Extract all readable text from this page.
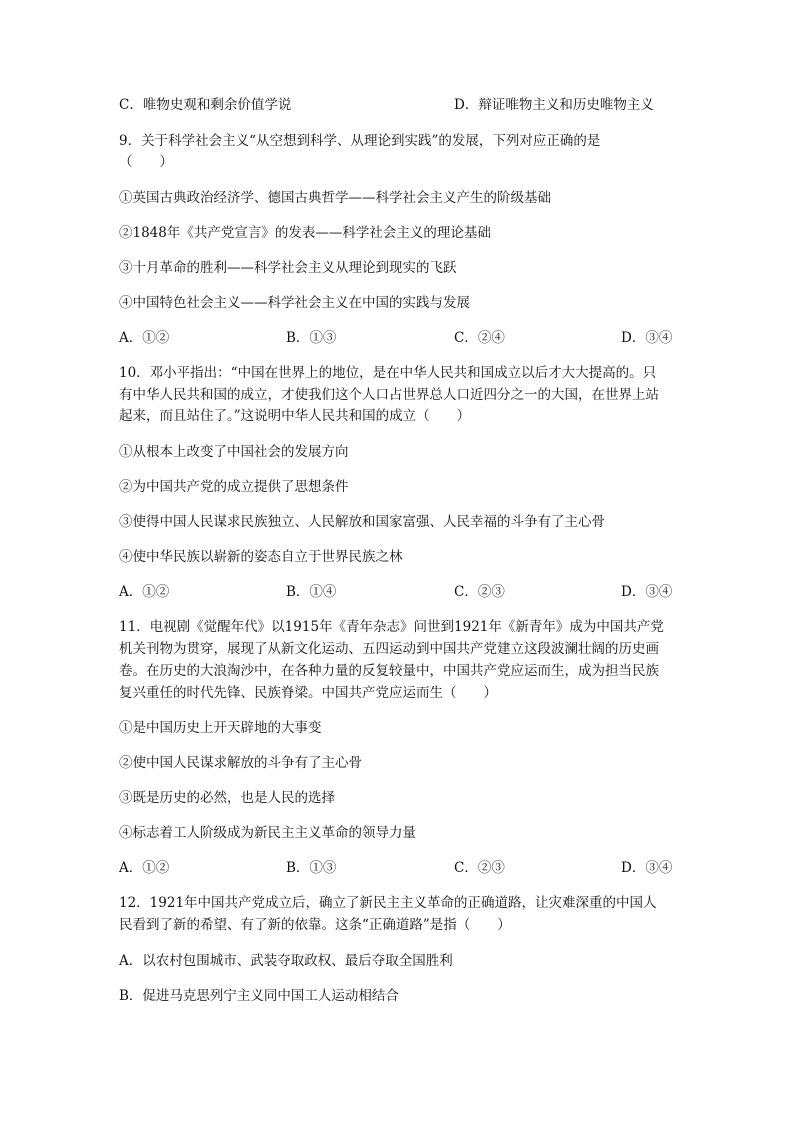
C．唯物史观和剩余价值学说	D．辩证唯物主义和历史唯物主义
9．关于科学社会主义“从空想到科学、从理论到实践”的发展，下列对应正确的是
（　　）
①英国古典政治经济学、德国古典哲学——科学社会主义产生的阶级基础
②1848年《共产党宣言》的发表——科学社会主义的理论基础
③十月革命的胜利——科学社会主义从理论到现实的飞跃
④中国特色社会主义——科学社会主义在中国的实践与发展
A．①②	B．①③	C．②④	D．③④
10．邓小平指出：“中国在世界上的地位，是在中华人民共和国成立以后才大大提高的。只
有中华人民共和国的成立，才使我们这个人口占世界总人口近四分之一的大国，在世界上站
起来，而且站住了。”这说明中华人民共和国的成立（　　）
①从根本上改变了中国社会的发展方向
②为中国共产党的成立提供了思想条件
③使得中国人民谋求民族独立、人民解放和国家富强、人民幸福的斗争有了主心骨
④使中华民族以崭新的姿态自立于世界民族之林
A．①②	B．①④	C．②③	D．③④
11．电视剧《觉醒年代》以1915年《青年杂志》问世到1921年《新青年》成为中国共产党
机关刊物为贯穿，展现了从新文化运动、五四运动到中国共产党建立这段波澜壮阔的历史画
卷。在历史的大浪淘沙中，在各种力量的反复较量中，中国共产党应运而生，成为担当民族
复兴重任的时代先锋、民族脊梁。中国共产党应运而生（　　）
①是中国历史上开天辟地的大事变
②使中国人民谋求解放的斗争有了主心骨
③既是历史的必然，也是人民的选择
④标志着工人阶级成为新民主主义革命的领导力量
A．①②	B．①③	C．②③	D．③④
12．1921年中国共产党成立后，确立了新民主主义革命的正确道路，让灾难深重的中国人
民看到了新的希望、有了新的依靠。这条“正确道路”是指（　　）
A．以农村包围城市、武装夺取政权、最后夺取全国胜利
B．促进马克思列宁主义同中国工人运动相结合
